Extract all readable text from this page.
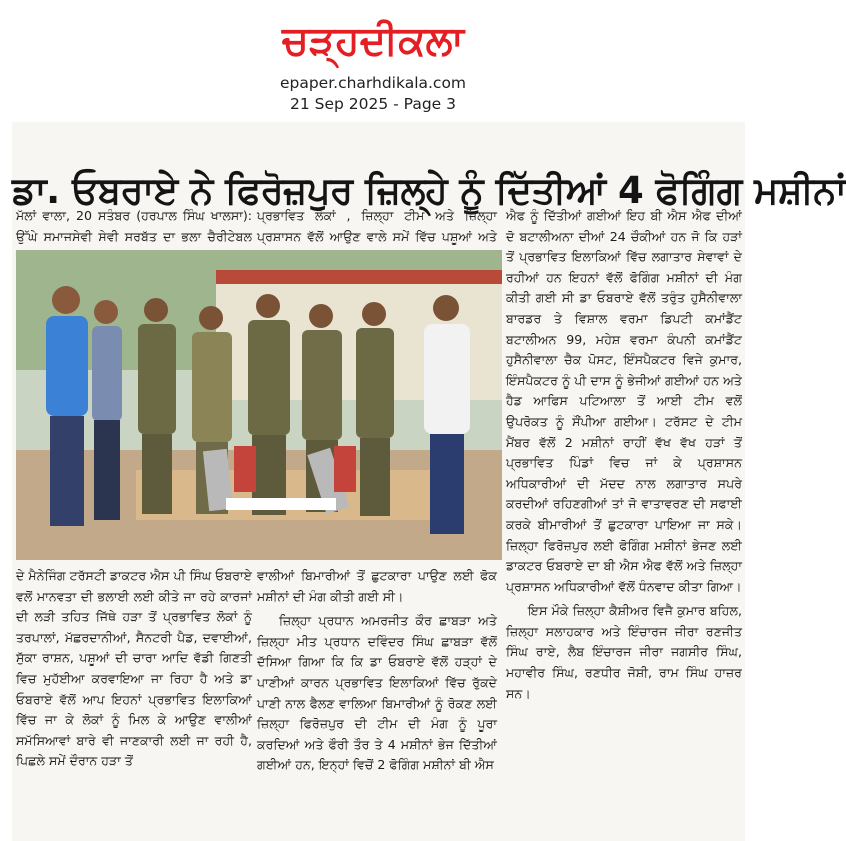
ਚੜ੍ਹਦੀਕਲਾ
epaper.charhdikala.com
21 Sep 2025 - Page 3
ਡਾ. ਓਬਰਾਏ ਨੇ ਫਿਰੋਜ਼ਪੁਰ ਜ਼ਿਲ੍ਹੇ ਨੂੰ ਦਿੱਤੀਆਂ 4 ਫੋਗਿੰਗ ਮਸ਼ੀਨਾਂ

ਮੱਲਾਂ ਵਾਲਾ, 20 ਸਤੰਬਰ (ਹਰਪਾਲ ਸਿੰਘ ਖਾਲਸਾ): ਉੱਘੇ ਸਮਾਜਸੇਵੀ ਸੇਵੀ ਸਰਬੱਤ ਦਾ ਭਲਾ ਚੈਰੀਟੇਬਲ

ਪ੍ਰਭਾਵਿਤ ਲੋਕਾਂ , ਜ਼ਿਲ੍ਹਾ ਟੀਮ ਅਤੇ ਜ਼ਿਲ੍ਹਾ ਪ੍ਰਸ਼ਾਸਨ ਵੱਲੋਂ ਆਉਣ ਵਾਲੇ ਸਮੇਂ ਵਿੱਚ ਪਸ਼ੂਆਂ ਅਤੇ

ਐਫ ਨੂੰ ਦਿੱਤੀਆਂ ਗਈਆਂ ਇਹ ਬੀ ਐਸ ਐਫ ਦੀਆਂ ਦੋ ਬਟਾਲੀਅਨਾ ਦੀਆਂ 24 ਚੌਕੀਆਂ ਹਨ ਜੋ ਕਿ ਹੜਾਂ ਤੋਂ ਪ੍ਰਭਾਵਿਤ ਇਲਾਕਿਆਂ ਵਿੱਚ ਲਗਾਤਾਰ ਸੇਵਾਵਾਂ ਦੇ ਰਹੀਆਂ ਹਨ ਇਹਨਾਂ ਵੱਲੋਂ ਫੋਗਿੰਗ ਮਸ਼ੀਨਾਂ ਦੀ ਮੰਗ ਕੀਤੀ ਗਈ ਸੀ ਡਾ ਓਬਰਾਏ ਵੱਲੋਂ ਤਰੁੰਤ ਹੁਸੈਨੀਵਾਲਾ ਬਾਰਡਰ ਤੇ ਵਿਸ਼ਾਲ ਵਰਮਾ ਡਿਪਟੀ ਕਮਾਂਡੈਂਟ ਬਟਾਲੀਅਨ 99, ਮਹੇਸ਼ ਵਰਮਾ ਕੰਪਨੀ ਕਮਾਂਡੈਂਟ ਹੁਸੈਨੀਵਾਲਾ ਚੈਕ ਪੋਸਟ, ਇੰਸਪੈਕਟਰ ਵਿਜੇ ਕੁਮਾਰ, ਇੰਸਪੈਕਟਰ ਨੂੰ ਪੀ ਦਾਸ ਨੂੰ ਭੇਜੀਆਂ ਗਈਆਂ ਹਨ ਅਤੇ ਹੈਡ ਆਫਿਸ ਪਟਿਆਲਾ ਤੋਂ ਆਈ ਟੀਮ ਵਲੋਂ ਉਪਰੋਕਤ ਨੂੰ ਸੌਂਪੀਆ ਗਈਆ। ਟਰੱਸਟ ਦੇ ਟੀਮ ਮੈਂਬਰ ਵੱਲੋਂ 2 ਮਸ਼ੀਨਾਂ ਰਾਹੀਂ ਵੱਖ ਵੱਖ ਹੜਾਂ ਤੋਂ ਪ੍ਰਭਾਵਿਤ ਪਿੰਡਾਂ ਵਿਚ ਜਾਂ ਕੇ ਪ੍ਰਸ਼ਾਸਨ ਅਧਿਕਾਰੀਆਂ ਦੀ ਮੱਦਦ ਨਾਲ ਲਗਾਤਾਰ ਸਪਰੇ ਕਰਦੀਆਂ ਰਹਿਣਗੀਆਂ ਤਾਂ ਜੋ ਵਾਤਾਵਰਣ ਦੀ ਸਫਾਈ ਕਰਕੇ ਬੀਮਾਰੀਆਂ ਤੋਂ ਛੁਟਕਾਰਾ ਪਾਇਆ ਜਾ ਸਕੇ। ਜ਼ਿਲ੍ਹਾ ਫਿਰੋਜ਼ਪੁਰ ਲਈ ਫੋਗਿੰਗ ਮਸ਼ੀਨਾਂ ਭੇਜਣ ਲਈ ਡਾਕਟਰ ਓਬਰਾਏ ਦਾ ਬੀ ਐਸ ਐਫ ਵੱਲੋਂ ਅਤੇ ਜ਼ਿਲ੍ਹਾ ਪ੍ਰਸ਼ਾਸਨ ਅਧਿਕਾਰੀਆਂ ਵੱਲੋਂ ਧੰਨਵਾਦ ਕੀਤਾ ਗਿਆ।

ਇਸ ਮੌਕੇ ਜ਼ਿਲ੍ਹਾ ਕੈਸ਼ੀਅਰ ਵਿਜੈ ਕੁਮਾਰ ਬਹਿਲ, ਜ਼ਿਲ੍ਹਾ ਸਲਾਹਕਾਰ ਅਤੇ ਇੰਚਾਰਜ ਜੀਰਾ ਰਣਜੀਤ ਸਿੰਘ ਰਾਏ, ਲੈਬ ਇੰਚਾਰਜ ਜੀਰਾ ਜਗਸੀਰ ਸਿੰਘ, ਮਹਾਵੀਰ ਸਿੰਘ, ਰਣਧੀਰ ਜੋਸ਼ੀ, ਰਾਮ ਸਿੰਘ ਹਾਜ਼ਰ ਸਨ।

ਦੇ ਮੈਨੇਜਿੰਗ ਟਰੱਸਟੀ ਡਾਕਟਰ ਐਸ ਪੀ ਸਿੰਘ ਓਬਰਾਏ ਵਲੋਂ ਮਾਨਵਤਾ ਦੀ ਭਲਾਈ ਲਈ ਕੀਤੇ ਜਾ ਰਹੇ ਕਾਰਜਾਂ ਦੀ ਲੜੀ ਤਹਿਤ ਜਿੱਥੇ ਹੜਾ ਤੋਂ ਪ੍ਰਭਾਵਿਤ ਲੋਕਾਂ ਨੂੰ ਤਰਪਾਲਾਂ, ਮੱਛਰਦਾਨੀਆਂ, ਸੈਨਟਰੀ ਪੈਡ, ਦਵਾਈਆਂ, ਸੁੱਕਾ ਰਾਸ਼ਨ, ਪਸ਼ੂਆਂ ਦੀ ਚਾਰਾ ਆਦਿ ਵੱਡੀ ਗਿਣਤੀ ਵਿਚ ਮੁਹੱਈਆ ਕਰਵਾਇਆ ਜਾ ਰਿਹਾ ਹੈ ਅਤੇ ਡਾ ਓਬਰਾਏ ਵੱਲੋਂ ਆਪ ਇਹਨਾਂ ਪ੍ਰਭਾਵਿਤ ਇਲਾਕਿਆਂ ਵਿੱਚ ਜਾ ਕੇ ਲੋਕਾਂ ਨੂੰ ਮਿਲ ਕੇ ਆਉਣ ਵਾਲੀਆਂ ਸਮੱਸਿਆਵਾਂ ਬਾਰੇ ਵੀ ਜਾਣਕਾਰੀ ਲਈ ਜਾ ਰਹੀ ਹੈ, ਪਿਛਲੇ ਸਮੇਂ ਦੌਰਾਨ ਹੜਾ ਤੋਂ

ਵਾਲੀਆਂ ਬਿਮਾਰੀਆਂ ਤੋਂ ਛੁਟਕਾਰਾ ਪਾਉਣ ਲਈ ਫੋਕ ਮਸ਼ੀਨਾਂ ਦੀ ਮੰਗ ਕੀਤੀ ਗਈ ਸੀ।

ਜ਼ਿਲ੍ਹਾ ਪ੍ਰਧਾਨ ਅਮਰਜੀਤ ਕੌਰ ਛਾਬੜਾ ਅਤੇ ਜ਼ਿਲ੍ਹਾ ਮੀਤ ਪ੍ਰਧਾਨ ਦਵਿੰਦਰ ਸਿੰਘ ਛਾਬੜਾ ਵੱਲੋਂ ਦੱਸਿਆ ਗਿਆ ਕਿ ਕਿ ਡਾ ਓਬਰਾਏ ਵੱਲੋਂ ਹੜ੍ਹਾਂ ਦੇ ਪਾਣੀਆਂ ਕਾਰਨ ਪ੍ਰਭਾਵਿਤ ਇਲਾਕਿਆਂ ਵਿੱਚ ਰੁੱਕਦੇ ਪਾਣੀ ਨਾਲ ਫੈਲਣ ਵਾਲਿਆ ਬਿਮਾਰੀਆਂ ਨੂੰ ਰੋਕਣ ਲਈ ਜ਼ਿਲ੍ਹਾ ਫਿਰੋਜ਼ਪੁਰ ਦੀ ਟੀਮ ਦੀ ਮੰਗ ਨੂੰ ਪੂਰਾ ਕਰਦਿਆਂ ਅਤੇ ਫੌਰੀ ਤੌਰ ਤੇ 4 ਮਸ਼ੀਨਾਂ ਭੇਜ ਦਿੱਤੀਆਂ ਗਈਆਂ ਹਨ, ਇਨ੍ਹਾਂ ਵਿਚੋਂ 2 ਫੋਗਿੰਗ ਮਸ਼ੀਨਾਂ ਬੀ ਐਸ
